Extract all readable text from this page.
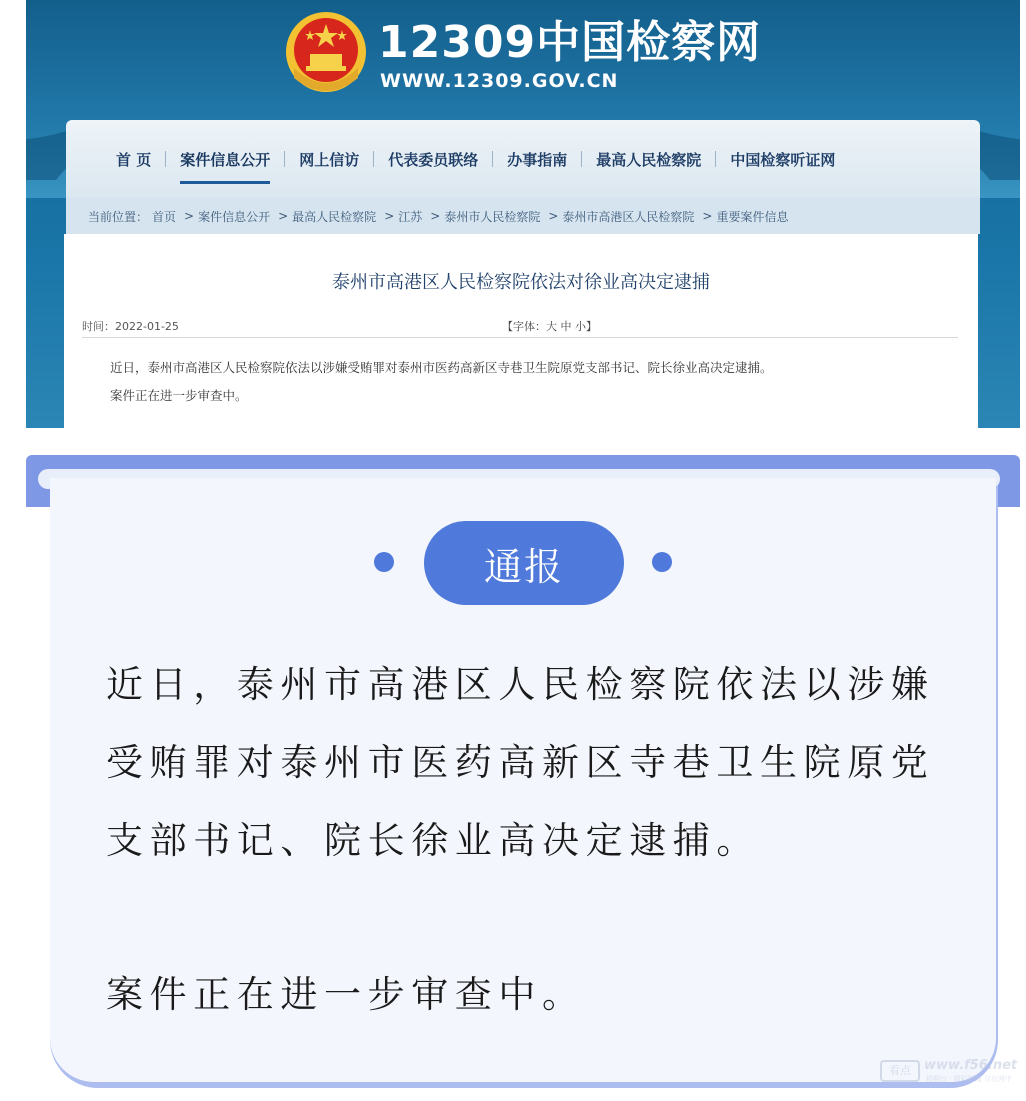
12309中国检察网
WWW.12309.GOV.CN
首 页	案件信息公开	网上信访	代表委员联络	办事指南	最高人民检察院	中国检察听证网
当前位置： 首页 > 案件信息公开 > 最高人民检察院 > 江苏 > 泰州市人民检察院 > 泰州市高港区人民检察院 > 重要案件信息
泰州市高港区人民检察院依法对徐业高决定逮捕
时间：2022-01-25	【字体：大 中 小】
近日，泰州市高港区人民检察院依法以涉嫌受贿罪对泰州市医药高新区寺巷卫生院原党支部书记、院长徐业高决定逮捕。
案件正在进一步审查中。
通报
近日，泰州市高港区人民检察院依法以涉嫌受贿罪对泰州市医药高新区寺巷卫生院原党支部书记、院长徐业高决定逮捕。
案件正在进一步审查中。
看点	www.f56.net
梧桐台 · 精彩新闻 尽在网中
